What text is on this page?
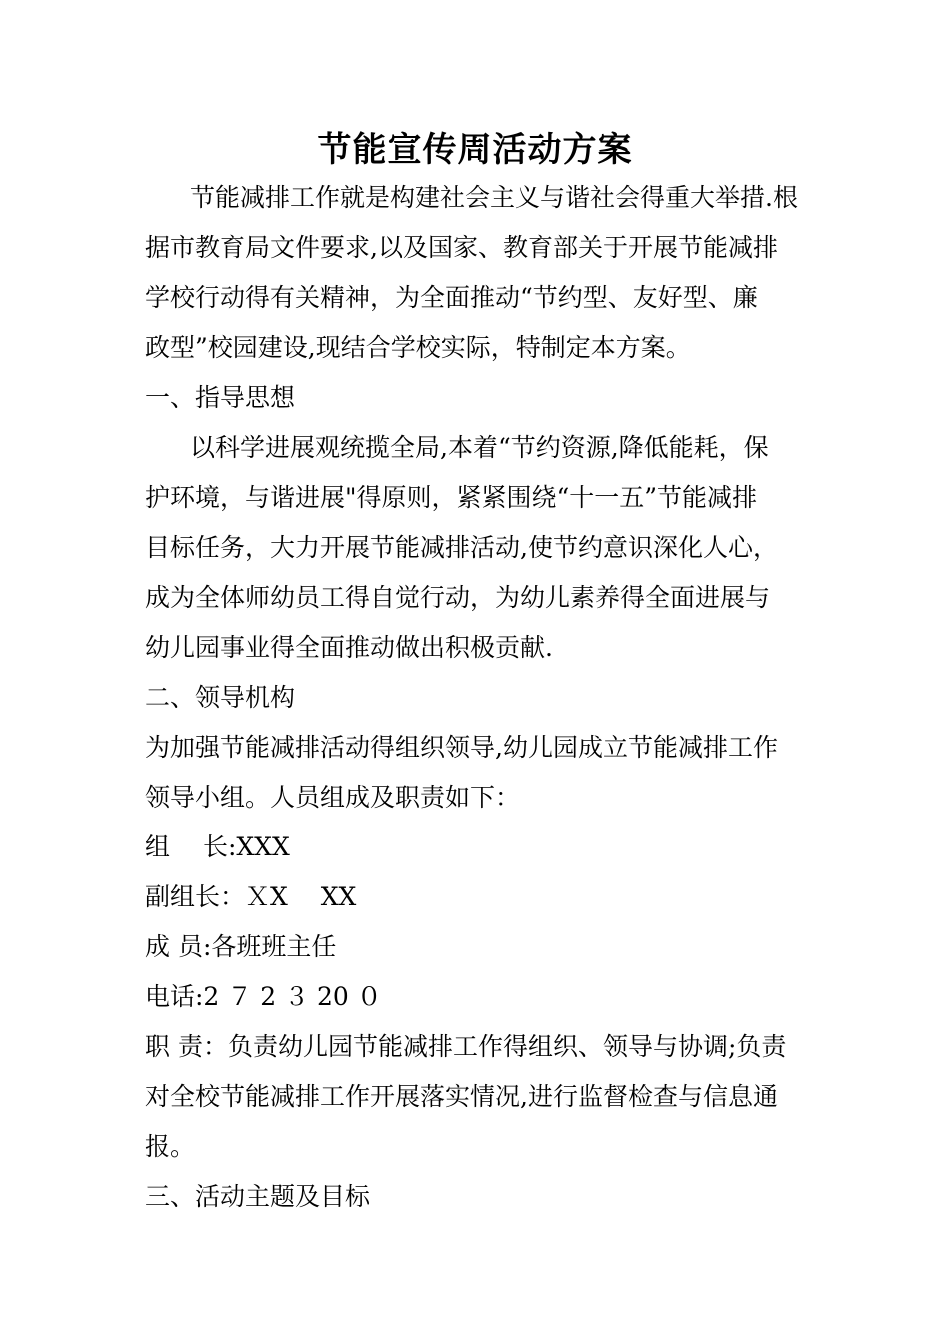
节能宣传周活动方案
节能减排工作就是构建社会主义与谐社会得重大举措.根
据市教育局文件要求,以及国家、教育部关于开展节能减排
学校行动得有关精神，为全面推动“节约型、友好型、廉
政型”校园建设,现结合学校实际，特制定本方案。
一、指导思想
以科学进展观统揽全局,本着“节约资源,降低能耗，保
护环境，与谐进展"得原则，紧紧围绕“十一五”节能减排
目标任务，大力开展节能减排活动,使节约意识深化人心，
成为全体师幼员工得自觉行动，为幼儿素养得全面进展与
幼儿园事业得全面推动做出积极贡献.
二、领导机构
为加强节能减排活动得组织领导,幼儿园成立节能减排工作
领导小组。人员组成及职责如下：
组　 长:XXX
副组长：ＸX　 XX
成 员:各班班主任
电话:2 ７ 2 ３ 20 ０
职 责：负责幼儿园节能减排工作得组织、领导与协调;负责
对全校节能减排工作开展落实情况,进行监督检查与信息通
报。
三、活动主题及目标
